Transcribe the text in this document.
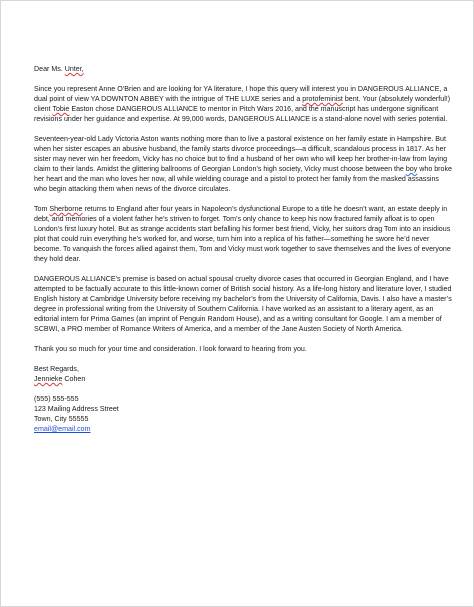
Dear Ms. Unter,

Since you represent Anne O’Brien and are looking for YA literature, I hope this query will interest you in DANGEROUS ALLIANCE, a dual point of view YA DOWNTON ABBEY with the intrigue of THE LUXE series and a protofeminist bent. Your (absolutely wonderful!) client Tobie Easton chose DANGEROUS ALLIANCE to mentor in Pitch Wars 2016, and the manuscript has undergone significant revisions under her guidance and expertise. At 99,000 words, DANGEROUS ALLIANCE is a stand-alone novel with series potential.

Seventeen-year-old Lady Victoria Aston wants nothing more than to live a pastoral existence on her family estate in Hampshire. But when her sister escapes an abusive husband, the family starts divorce proceedings—a difficult, scandalous process in 1817. As her sister may never win her freedom, Vicky has no choice but to find a husband of her own who will keep her brother-in-law from laying claim to their lands. Amidst the glittering ballrooms of Georgian London’s high society, Vicky must choose between the boy who broke her heart and the man who loves her now, all while wielding courage and a pistol to protect her family from the masked assassins who begin attacking them when news of the divorce circulates.

Tom Sherborne returns to England after four years in Napoleon’s dysfunctional Europe to a title he doesn’t want, an estate deeply in debt, and memories of a violent father he’s striven to forget. Tom’s only chance to keep his now fractured family afloat is to open London’s first luxury hotel. But as strange accidents start befalling his former best friend, Vicky, her suitors drag Tom into an insidious plot that could ruin everything he’s worked for, and worse, turn him into a replica of his father—something he swore he’d never become. To vanquish the forces allied against them, Tom and Vicky must work together to save themselves and the lives of everyone they hold dear.

DANGEROUS ALLIANCE’s premise is based on actual spousal cruelty divorce cases that occurred in Georgian England, and I have attempted to be factually accurate to this little-known corner of British social history. As a life-long history and literature lover, I studied English history at Cambridge University before receiving my bachelor’s from the University of California, Davis. I also have a master’s degree in professional writing from the University of Southern California. I have worked as an assistant to a literary agent, as an editorial intern for Prima Games (an imprint of Penguin Random House), and as a writing consultant for Google. I am a member of SCBWI, a PRO member of Romance Writers of America, and a member of the Jane Austen Society of North America.

Thank you so much for your time and consideration. I look forward to hearing from you.

Best Regards,

Jennieke Cohen

(555) 555-555

123 Mailing Address Street

Town, City 55555

email@email.com
